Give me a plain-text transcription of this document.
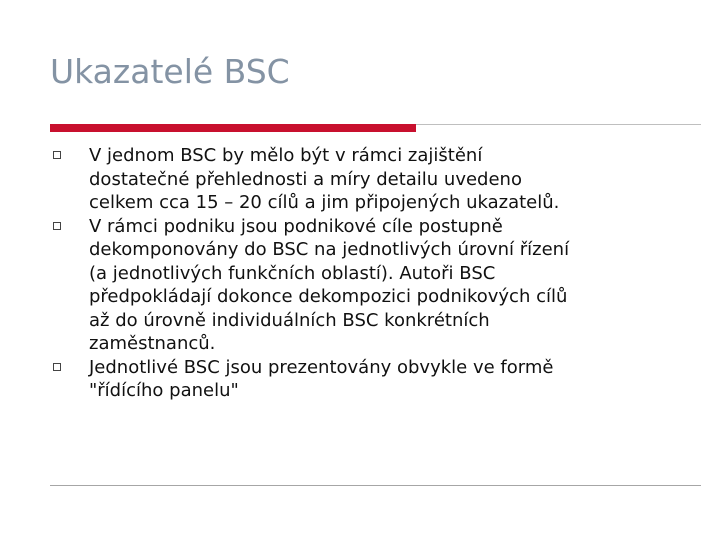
Ukazatelé BSC
V jednom BSC by mělo být v rámci zajištění
dostatečné přehlednosti a míry detailu uvedeno
celkem cca 15 – 20 cílů a jim připojených ukazatelů.
V rámci podniku jsou podnikové cíle postupně
dekomponovány do BSC na jednotlivých úrovní řízení
(a jednotlivých funkčních oblastí). Autoři BSC
předpokládají dokonce dekompozici podnikových cílů
až do úrovně individuálních BSC konkrétních
zaměstnanců.
Jednotlivé BSC jsou prezentovány obvykle ve formě
"řídícího panelu"
